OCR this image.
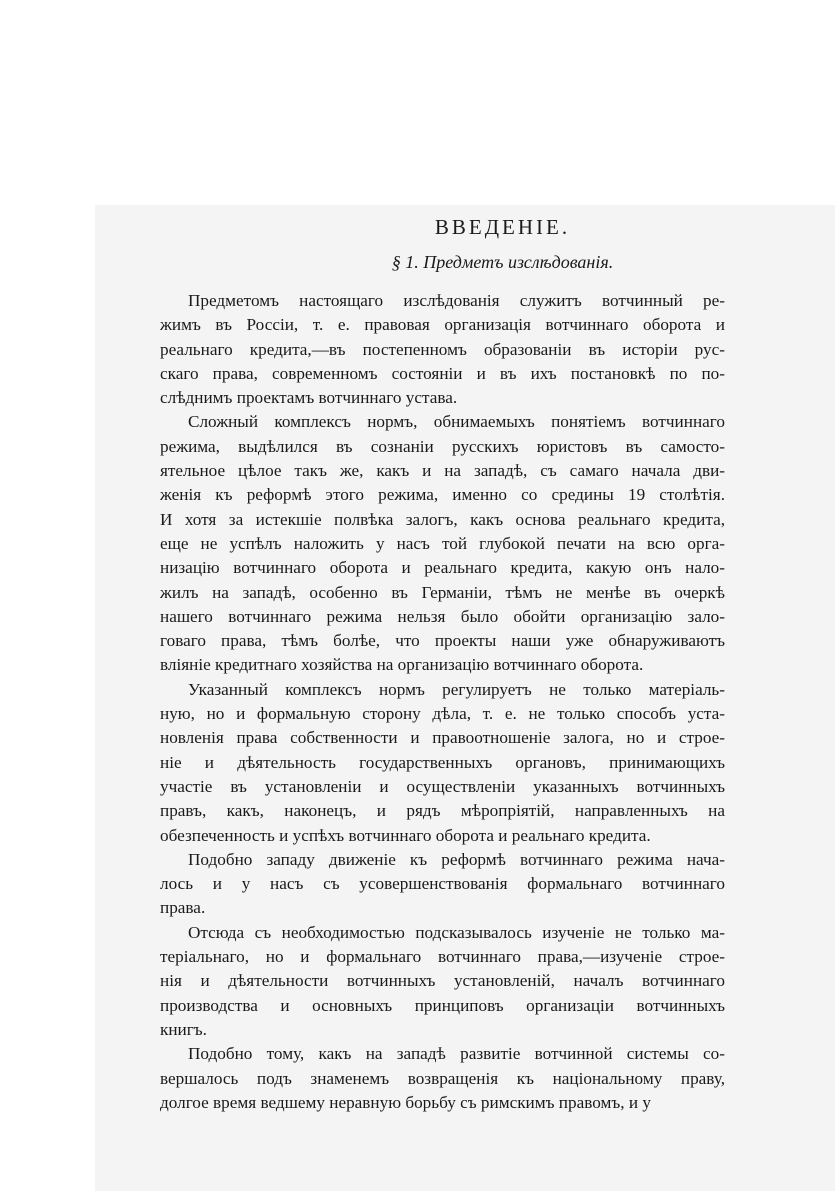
ВВЕДЕНІЕ.
§ 1. Предметъ изслѣдованія.
Предметомъ настоящаго изслѣдованія служитъ вотчинный ре-
жимъ въ Россіи, т. е. правовая организація вотчиннаго оборота и
реальнаго кредита,—въ постепенномъ образованіи въ исторіи рус-
скаго права, современномъ состояніи и въ ихъ постановкѣ по по-
слѣднимъ проектамъ вотчиннаго устава.
Сложный комплексъ нормъ, обнимаемыхъ понятіемъ вотчиннаго
режима, выдѣлился въ сознаніи русскихъ юристовъ въ самосто-
ятельное цѣлое такъ же, какъ и на западѣ, съ самаго начала дви-
женія къ реформѣ этого режима, именно со средины 19 столѣтія.
И хотя за истекшіе полвѣка залогъ, какъ основа реальнаго кредита,
еще не успѣлъ наложить у насъ той глубокой печати на всю орга-
низацію вотчиннаго оборота и реальнаго кредита, какую онъ нало-
жилъ на западѣ, особенно въ Германіи, тѣмъ не менѣе въ очеркѣ
нашего вотчиннаго режима нельзя было обойти организацію зало-
говаго права, тѣмъ болѣе, что проекты наши уже обнаруживаютъ
вліяніе кредитнаго хозяйства на организацію вотчиннаго оборота.
Указанный комплексъ нормъ регулируетъ не только матеріаль-
ную, но и формальную сторону дѣла, т. е. не только способъ уста-
новленія права собственности и правоотношеніе залога, но и строе-
ніе и дѣятельность государственныхъ органовъ, принимающихъ
участіе въ установленіи и осуществленіи указанныхъ вотчинныхъ
правъ, какъ, наконецъ, и рядъ мѣропріятій, направленныхъ на
обезпеченность и успѣхъ вотчиннаго оборота и реальнаго кредита.
Подобно западу движеніе къ реформѣ вотчиннаго режима нача-
лось и у насъ съ усовершенствованія формальнаго вотчиннаго
права.
Отсюда съ необходимостью подсказывалось изученіе не только ма-
теріальнаго, но и формальнаго вотчиннаго права,—изученіе строе-
нія и дѣятельности вотчинныхъ установленій, началъ вотчиннаго
производства и основныхъ принциповъ организаціи вотчинныхъ
книгъ.
Подобно тому, какъ на западѣ развитіе вотчинной системы со-
вершалось подъ знаменемъ возвращенія къ національному праву,
долгое время ведшему неравную борьбу съ римскимъ правомъ, и у
